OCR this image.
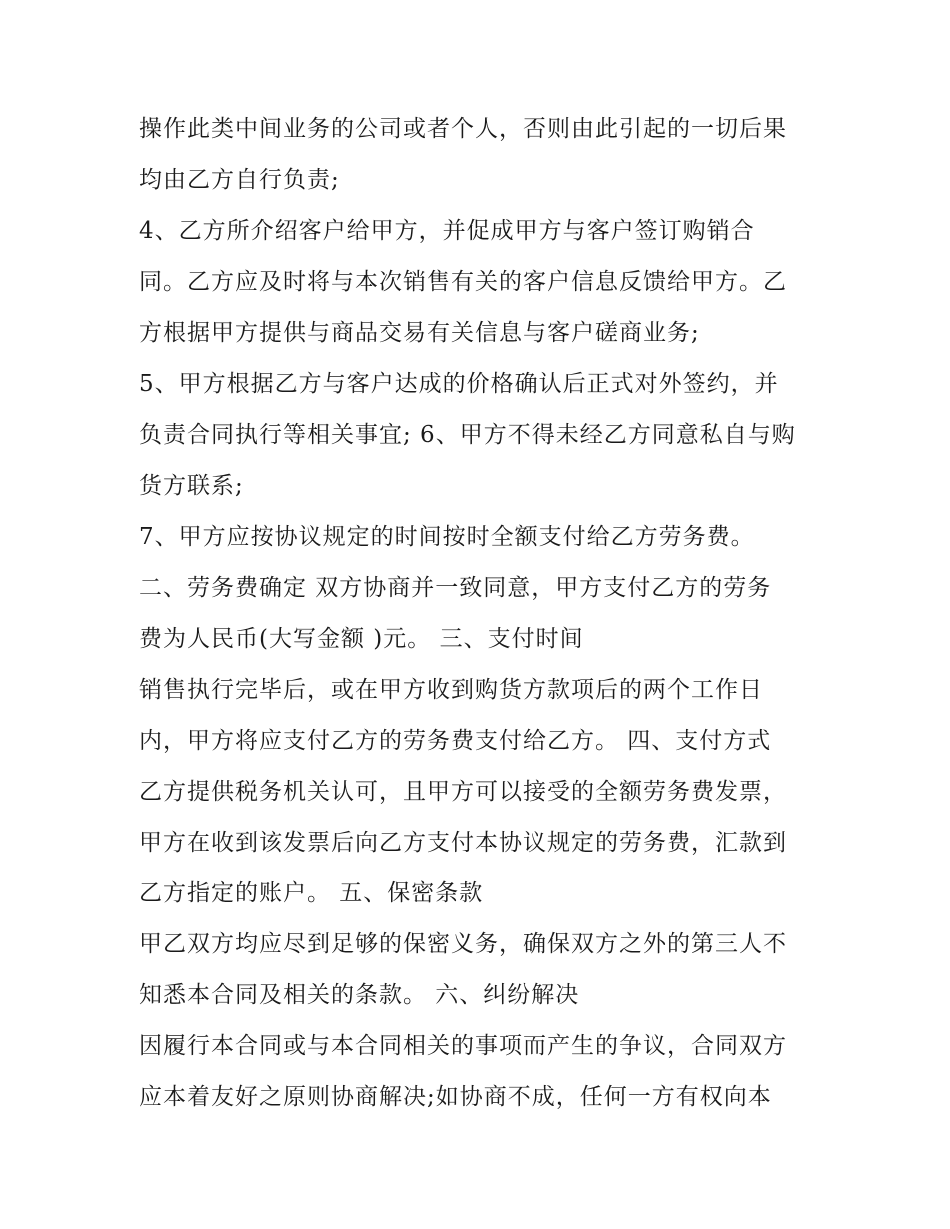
操作此类中间业务的公司或者个人，否则由此引起的一切后果
均由乙方自行负责;
4、乙方所介绍客户给甲方，并促成甲方与客户签订购销合
同。乙方应及时将与本次销售有关的客户信息反馈给甲方。乙
方根据甲方提供与商品交易有关信息与客户磋商业务;
5、甲方根据乙方与客户达成的价格确认后正式对外签约，并
负责合同执行等相关事宜; 6、甲方不得未经乙方同意私自与购
货方联系;
7、甲方应按协议规定的时间按时全额支付给乙方劳务费。
二、劳务费确定 双方协商并一致同意，甲方支付乙方的劳务
费为人民币(大写金额 )元。 三、支付时间
销售执行完毕后，或在甲方收到购货方款项后的两个工作日
内，甲方将应支付乙方的劳务费支付给乙方。 四、支付方式
乙方提供税务机关认可，且甲方可以接受的全额劳务费发票，
甲方在收到该发票后向乙方支付本协议规定的劳务费，汇款到
乙方指定的账户。 五、保密条款
甲乙双方均应尽到足够的保密义务，确保双方之外的第三人不
知悉本合同及相关的条款。 六、纠纷解决
因履行本合同或与本合同相关的事项而产生的争议，合同双方
应本着友好之原则协商解决;如协商不成，任何一方有权向本
